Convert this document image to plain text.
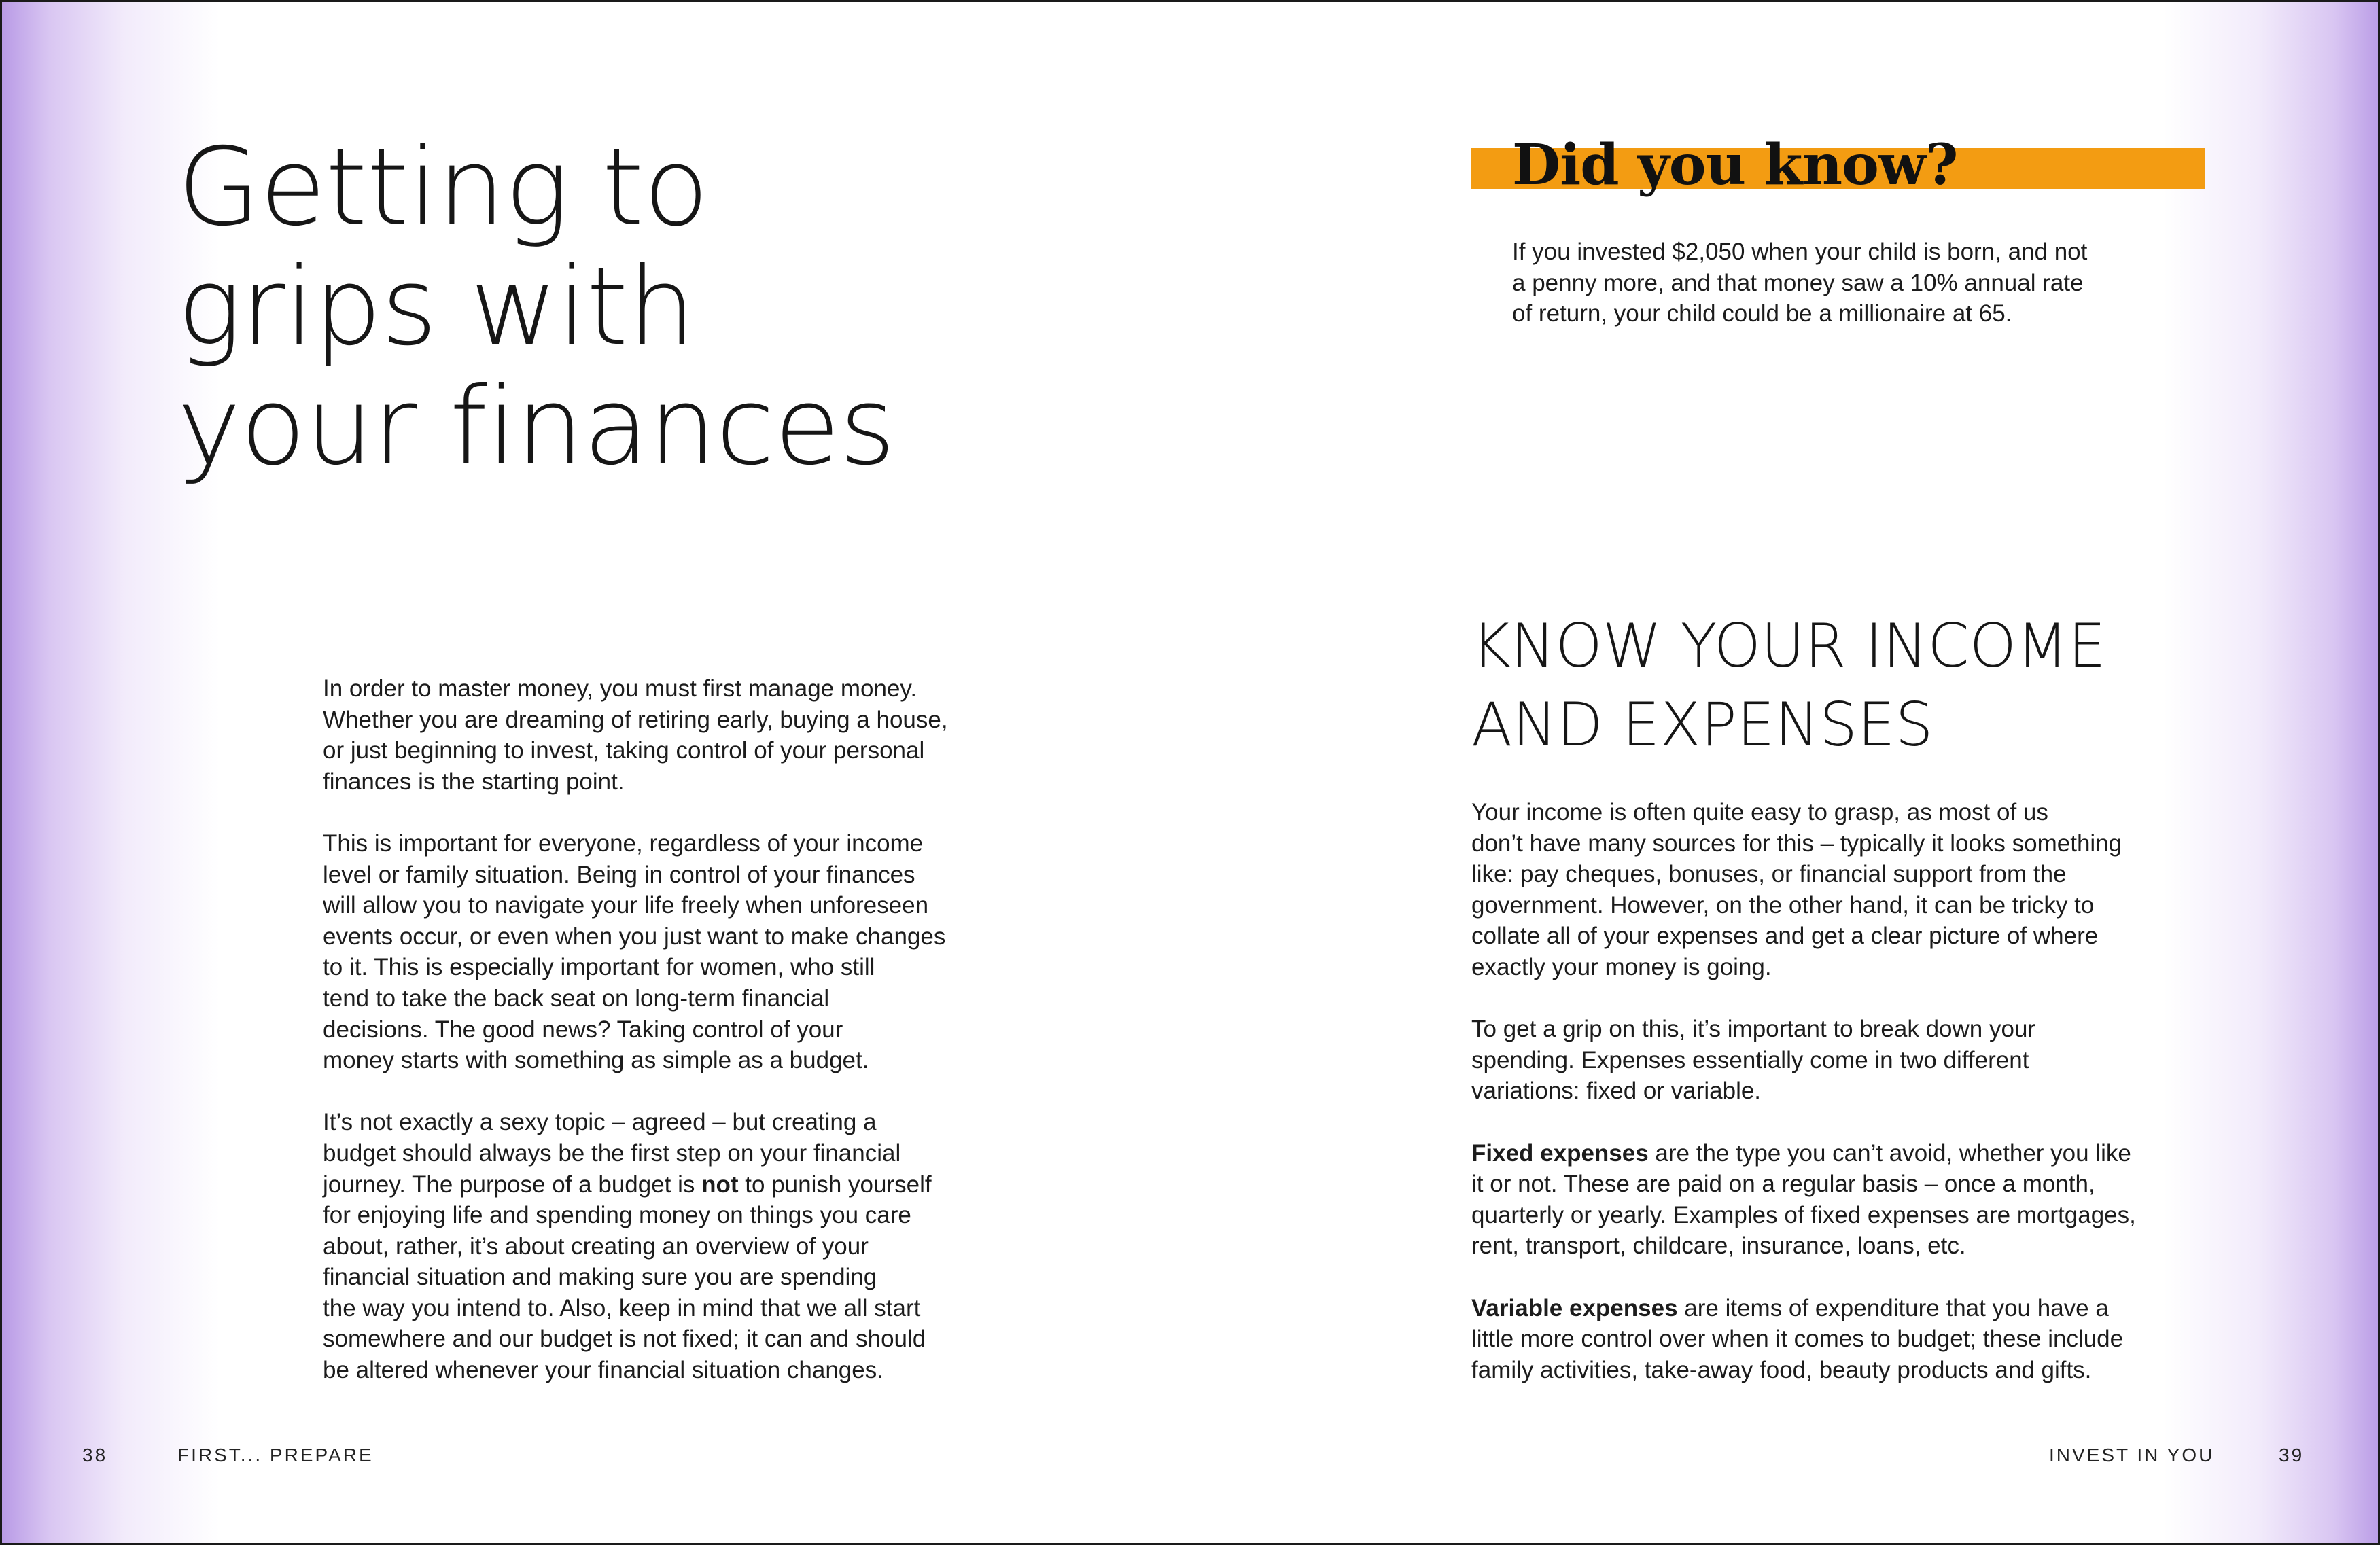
Getting to
grips with
your finances

In order to master money, you must first manage money.
Whether you are dreaming of retiring early, buying a house,
or just beginning to invest, taking control of your personal
finances is the starting point.

This is important for everyone, regardless of your income
level or family situation. Being in control of your finances
will allow you to navigate your life freely when unforeseen
events occur, or even when you just want to make changes
to it. This is especially important for women, who still
tend to take the back seat on long-term financial
decisions. The good news? Taking control of your
money starts with something as simple as a budget.

It’s not exactly a sexy topic – agreed – but creating a
budget should always be the first step on your financial
journey. The purpose of a budget is not to punish yourself
for enjoying life and spending money on things you care
about, rather, it’s about creating an overview of your
financial situation and making sure you are spending
the way you intend to. Also, keep in mind that we all start
somewhere and our budget is not fixed; it can and should
be altered whenever your financial situation changes.

38	FIRST... PREPARE
Did you know?
If you invested $2,050 when your child is born, and not
a penny more, and that money saw a 10% annual rate
of return, your child could be a millionaire at 65.
KNOW YOUR INCOME
AND EXPENSES

Your income is often quite easy to grasp, as most of us
don’t have many sources for this – typically it looks something
like: pay cheques, bonuses, or financial support from the
government. However, on the other hand, it can be tricky to
collate all of your expenses and get a clear picture of where
exactly your money is going.

To get a grip on this, it’s important to break down your
spending. Expenses essentially come in two different
variations: fixed or variable.

Fixed expenses are the type you can’t avoid, whether you like
it or not. These are paid on a regular basis – once a month,
quarterly or yearly. Examples of fixed expenses are mortgages,
rent, transport, childcare, insurance, loans, etc.

Variable expenses are items of expenditure that you have a
little more control over when it comes to budget; these include
family activities, take-away food, beauty products and gifts.

INVEST IN YOU	39
